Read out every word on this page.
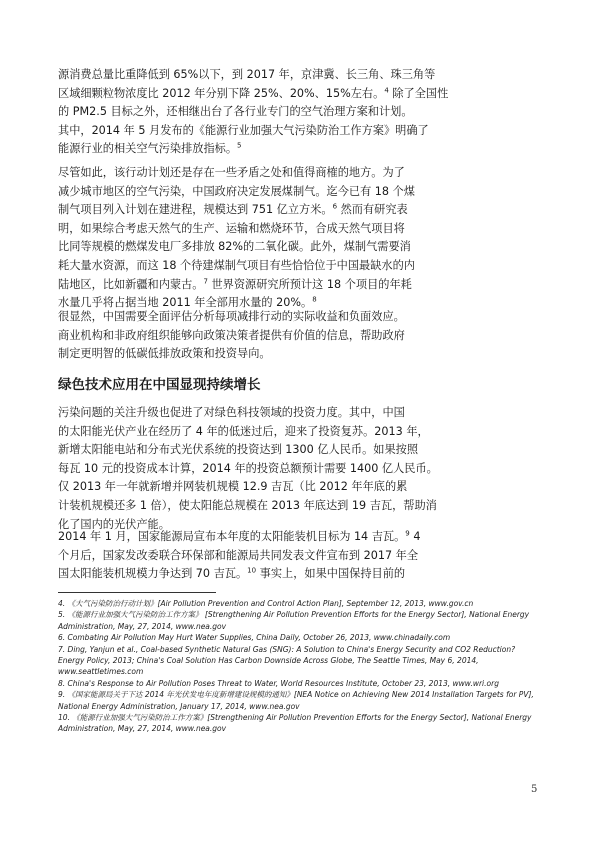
源消费总量比重降低到 65%以下，到 2017 年，京津冀、长三角、珠三角等
区域细颗粒物浓度比 2012 年分别下降 25%、20%、15%左右。$^4$ 除了全国性
的 PM2.5 目标之外，还相继出台了各行业专门的空气治理方案和计划。
其中，2014 年 5 月发布的《能源行业加强大气污染防治工作方案》明确了
能源行业的相关空气污染排放指标。$^5$
尽管如此，该行动计划还是存在一些矛盾之处和值得商榷的地方。为了
减少城市地区的空气污染，中国政府决定发展煤制气。迄今已有 18 个煤
制气项目列入计划在建进程，规模达到 751 亿立方米。$^6$ 然而有研究表
明，如果综合考虑天然气的生产、运输和燃烧环节，合成天然气项目将
比同等规模的燃煤发电厂多排放 82%的二氧化碳。此外，煤制气需要消
耗大量水资源，而这 18 个待建煤制气项目有些恰恰位于中国最缺水的内
陆地区，比如新疆和内蒙古。$^7$ 世界资源研究所预计这 18 个项目的年耗
水量几乎将占据当地 2011 年全部用水量的 20%。$^8$
很显然，中国需要全面评估分析每项减排行动的实际收益和负面效应。
商业机构和非政府组织能够向政策决策者提供有价值的信息，帮助政府
制定更明智的低碳低排放政策和投资导向。
绿色技术应用在中国显现持续增长
污染问题的关注升级也促进了对绿色科技领域的投资力度。其中，中国
的太阳能光伏产业在经历了 4 年的低迷过后，迎来了投资复苏。2013 年，
新增太阳能电站和分布式光伏系统的投资达到 1300 亿人民币。如果按照
每瓦 10 元的投资成本计算，2014 年的投资总额预计需要 1400 亿人民币。
仅 2013 年一年就新增并网装机规模 12.9 吉瓦（比 2012 年年底的累
计装机规模还多 1 倍），使太阳能总规模在 2013 年底达到 19 吉瓦，帮助消
化了国内的光伏产能。
2014 年 1 月，国家能源局宣布本年度的太阳能装机目标为 14 吉瓦。$^9$ 4
个月后，国家发改委联合环保部和能源局共同发表文件宣布到 2017 年全
国太阳能装机规模力争达到 70 吉瓦。$^{10}$ 事实上，如果中国保持目前的

4. 《大气污染防治行动计划》[Air Pollution Prevention and Control Action Plan], September 12, 2013, www.gov.cn

5. 《能源行业加强大气污染防治工作方案》 [Strengthening Air Pollution Prevention Efforts for the Energy Sector], National Energy Administration, May, 27, 2014, www.nea.gov

6. Combating Air Pollution May Hurt Water Supplies, China Daily, October 26, 2013, www.chinadaily.com

7. Ding, Yanjun et al., Coal-based Synthetic Natural Gas (SNG): A Solution to China's Energy Security and CO2 Reduction? Energy Policy, 2013; China's Coal Solution Has Carbon Downside Across Globe, The Seattle Times, May 6, 2014, www.seattletimes.com

8. China's Response to Air Pollution Poses Threat to Water, World Resources Institute, October 23, 2013, www.wri.org

9. 《国家能源局关于下达 2014 年光伏发电年度新增建设规模的通知》[NEA Notice on Achieving New 2014 Installation Targets for PV], National Energy Administration, January 17, 2014, www.nea.gov

10. 《能源行业加强大气污染防治工作方案》[Strengthening Air Pollution Prevention Efforts for the Energy Sector], National Energy Administration, May, 27, 2014, www.nea.gov

5
